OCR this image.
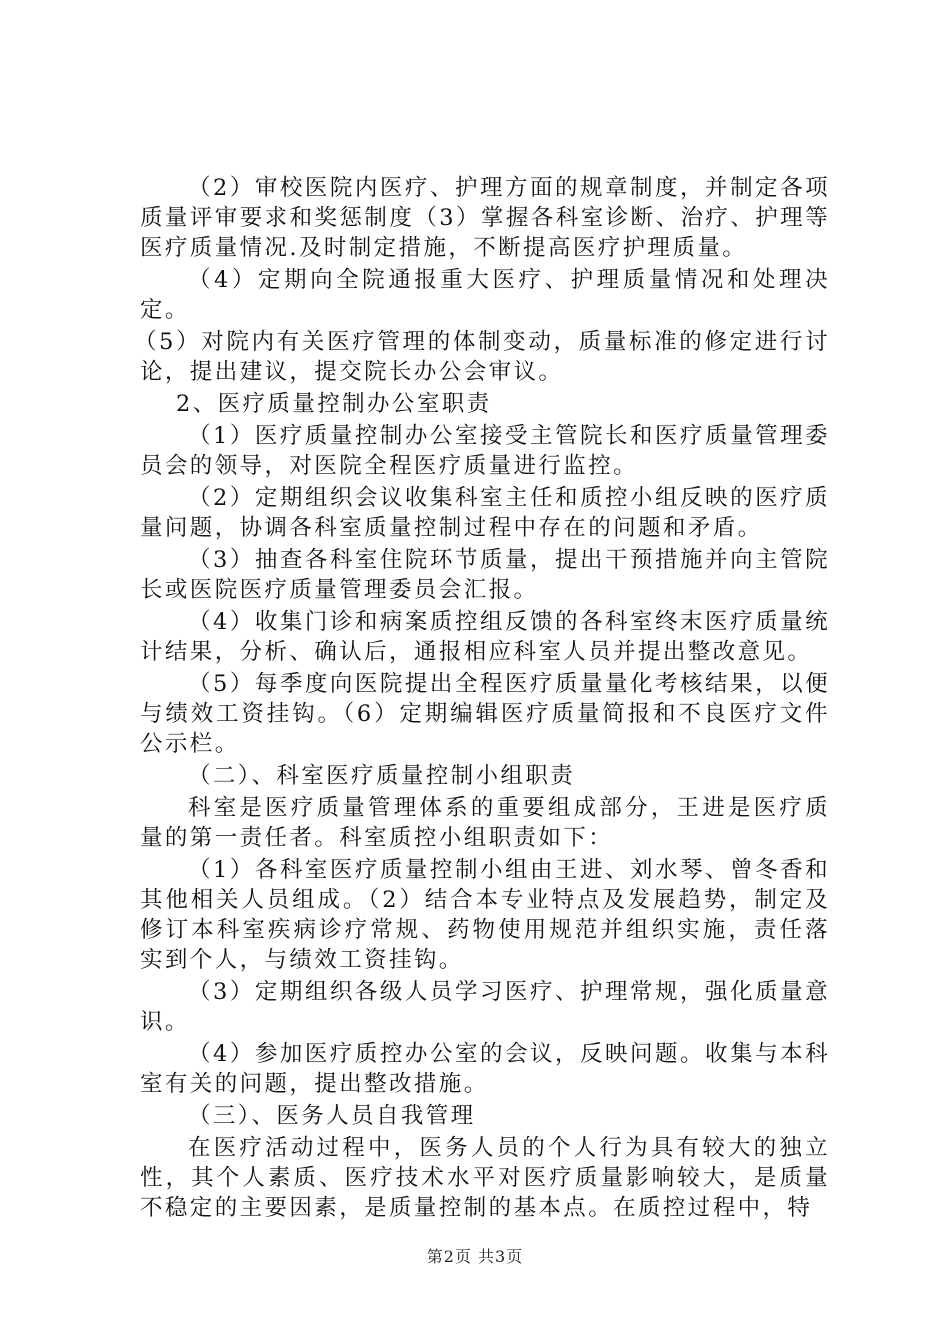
（2）审校医院内医疗、护理方面的规章制度，并制定各项质量评审要求和奖惩制度（3）掌握各科室诊断、治疗、护理等医疗质量情况.及时制定措施，不断提高医疗护理质量。

（4）定期向全院通报重大医疗、护理质量情况和处理决定。

（5）对院内有关医疗管理的体制变动，质量标准的修定进行讨论，提出建议，提交院长办公会审议。

2、医疗质量控制办公室职责

（1）医疗质量控制办公室接受主管院长和医疗质量管理委员会的领导，对医院全程医疗质量进行监控。

（2）定期组织会议收集科室主任和质控小组反映的医疗质量问题，协调各科室质量控制过程中存在的问题和矛盾。

（3）抽查各科室住院环节质量，提出干预措施并向主管院长或医院医疗质量管理委员会汇报。

（4）收集门诊和病案质控组反馈的各科室终末医疗质量统计结果，分析、确认后，通报相应科室人员并提出整改意见。

（5）每季度向医院提出全程医疗质量量化考核结果，以便与绩效工资挂钩。（6）定期编辑医疗质量简报和不良医疗文件公示栏。

（二）、科室医疗质量控制小组职责

科室是医疗质量管理体系的重要组成部分，王进是医疗质量的第一责任者。科室质控小组职责如下：

（1）各科室医疗质量控制小组由王进、刘水琴、曾冬香和其他相关人员组成。（2）结合本专业特点及发展趋势，制定及修订本科室疾病诊疗常规、药物使用规范并组织实施，责任落实到个人，与绩效工资挂钩。

（3）定期组织各级人员学习医疗、护理常规，强化质量意识。

（4）参加医疗质控办公室的会议，反映问题。收集与本科室有关的问题，提出整改措施。

（三）、医务人员自我管理

在医疗活动过程中，医务人员的个人行为具有较大的独立性，其个人素质、医疗技术水平对医疗质量影响较大，是质量不稳定的主要因素，是质量控制的基本点。在质控过程中，特

第2页 共3页
